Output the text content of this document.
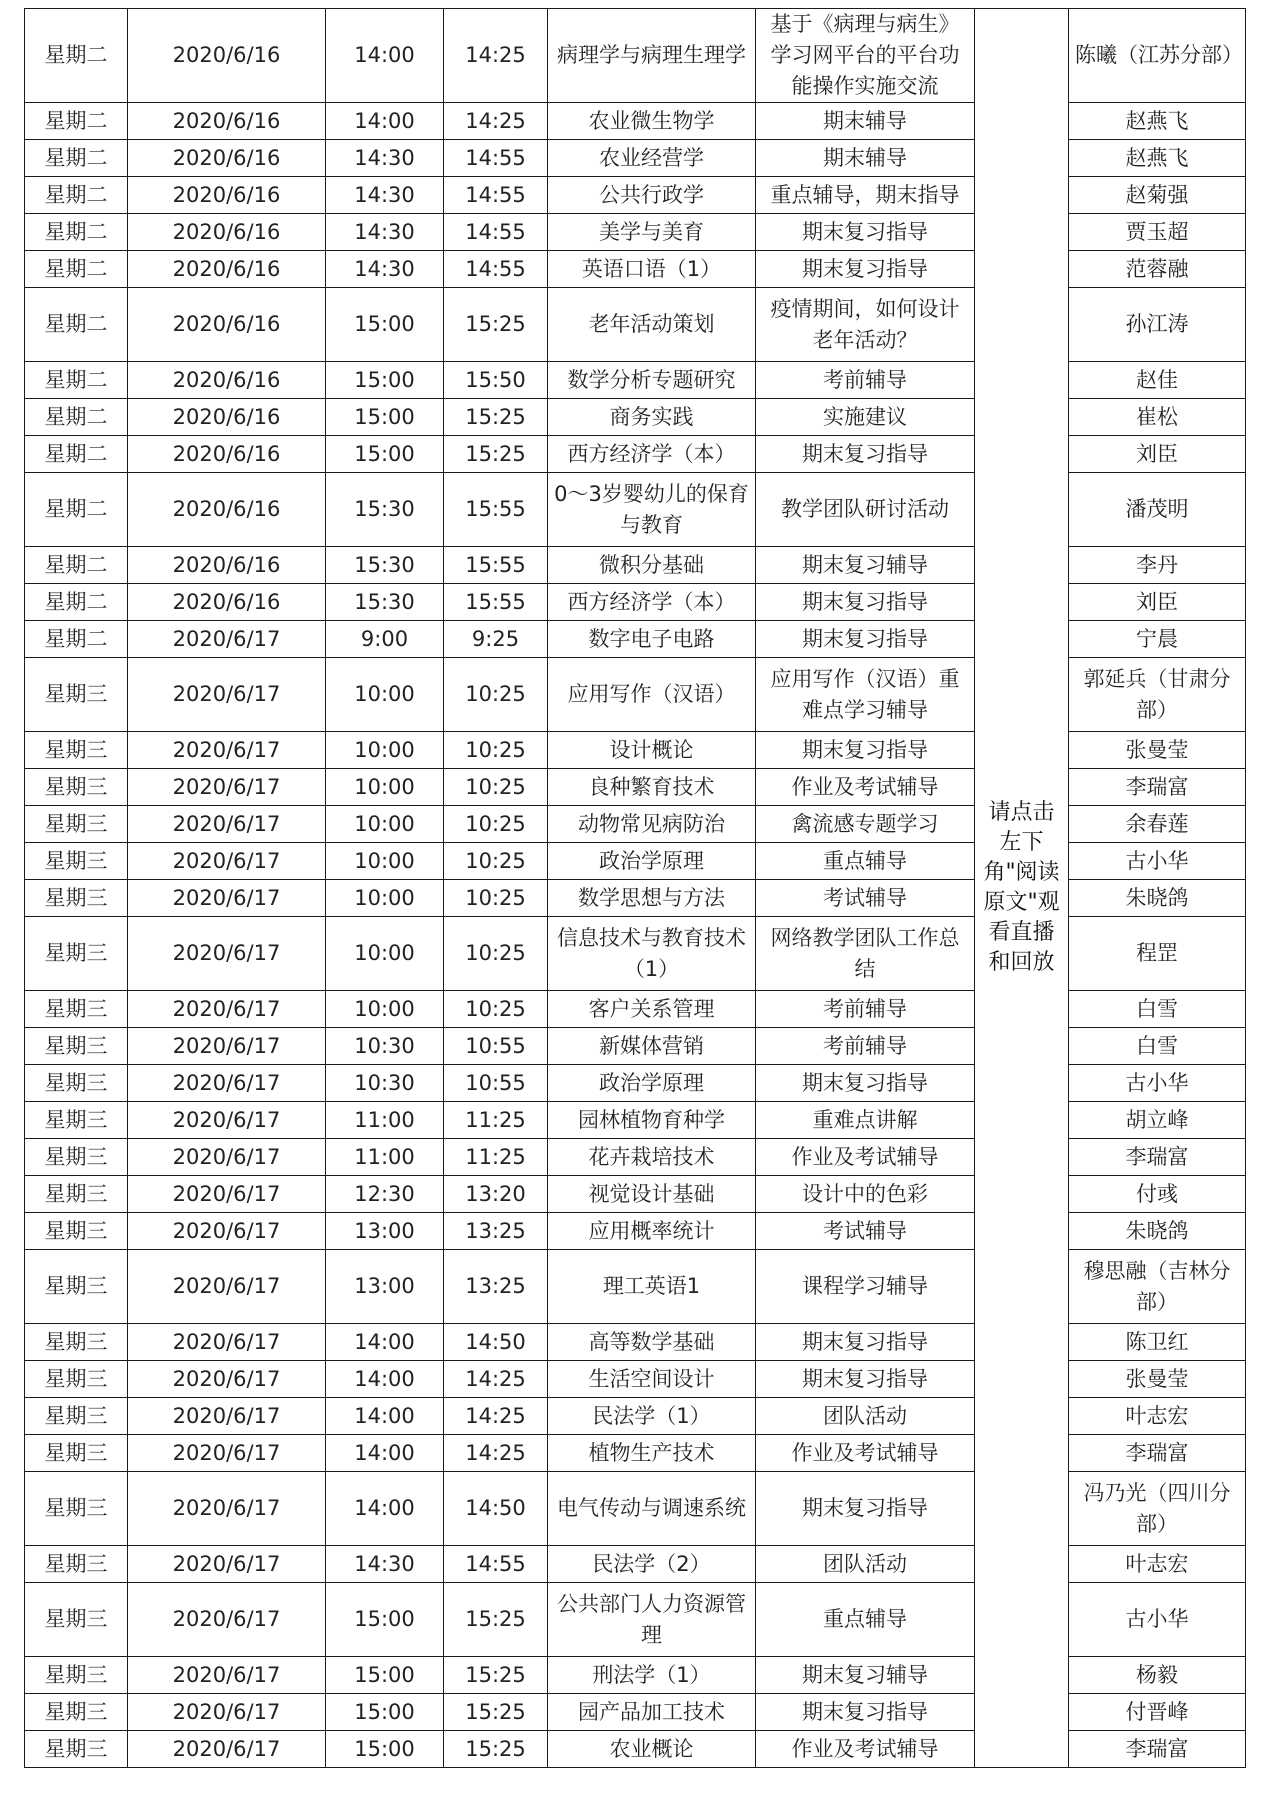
星期二	2020/6/16	14:00	14:25	病理学与病理生理学	基于《病理与病生》学习网平台的平台功能操作实施交流	请点击左下角"阅读原文"观看直播和回放	陈曦（江苏分部）
星期二	2020/6/16	14:00	14:25	农业微生物学	期末辅导		赵燕飞
星期二	2020/6/16	14:30	14:55	农业经营学	期末辅导		赵燕飞
星期二	2020/6/16	14:30	14:55	公共行政学	重点辅导，期末指导		赵菊强
星期二	2020/6/16	14:30	14:55	美学与美育	期末复习指导		贾玉超
星期二	2020/6/16	14:30	14:55	英语口语（1）	期末复习指导		范蓉融
星期二	2020/6/16	15:00	15:25	老年活动策划	疫情期间，如何设计老年活动？		孙江涛
星期二	2020/6/16	15:00	15:50	数学分析专题研究	考前辅导		赵佳
星期二	2020/6/16	15:00	15:25	商务实践	实施建议		崔松
星期二	2020/6/16	15:00	15:25	西方经济学（本）	期末复习指导		刘臣
星期二	2020/6/16	15:30	15:55	0～3岁婴幼儿的保育与教育	教学团队研讨活动		潘茂明
星期二	2020/6/16	15:30	15:55	微积分基础	期末复习辅导		李丹
星期二	2020/6/16	15:30	15:55	西方经济学（本）	期末复习指导		刘臣
星期二	2020/6/17	9:00	9:25	数字电子电路	期末复习指导		宁晨
星期三	2020/6/17	10:00	10:25	应用写作（汉语）	应用写作（汉语）重难点学习辅导		郭延兵（甘肃分部）
星期三	2020/6/17	10:00	10:25	设计概论	期末复习指导		张曼莹
星期三	2020/6/17	10:00	10:25	良种繁育技术	作业及考试辅导		李瑞富
星期三	2020/6/17	10:00	10:25	动物常见病防治	禽流感专题学习		余春莲
星期三	2020/6/17	10:00	10:25	政治学原理	重点辅导		古小华
星期三	2020/6/17	10:00	10:25	数学思想与方法	考试辅导		朱晓鸽
星期三	2020/6/17	10:00	10:25	信息技术与教育技术（1）	网络教学团队工作总结		程罡
星期三	2020/6/17	10:00	10:25	客户关系管理	考前辅导		白雪
星期三	2020/6/17	10:30	10:55	新媒体营销	考前辅导		白雪
星期三	2020/6/17	10:30	10:55	政治学原理	期末复习指导		古小华
星期三	2020/6/17	11:00	11:25	园林植物育种学	重难点讲解		胡立峰
星期三	2020/6/17	11:00	11:25	花卉栽培技术	作业及考试辅导		李瑞富
星期三	2020/6/17	12:30	13:20	视觉设计基础	设计中的色彩		付彧
星期三	2020/6/17	13:00	13:25	应用概率统计	考试辅导		朱晓鸽
星期三	2020/6/17	13:00	13:25	理工英语1	课程学习辅导		穆思融（吉林分部）
星期三	2020/6/17	14:00	14:50	高等数学基础	期末复习指导		陈卫红
星期三	2020/6/17	14:00	14:25	生活空间设计	期末复习指导		张曼莹
星期三	2020/6/17	14:00	14:25	民法学（1）	团队活动		叶志宏
星期三	2020/6/17	14:00	14:25	植物生产技术	作业及考试辅导		李瑞富
星期三	2020/6/17	14:00	14:50	电气传动与调速系统	期末复习指导		冯乃光（四川分部）
星期三	2020/6/17	14:30	14:55	民法学（2）	团队活动		叶志宏
星期三	2020/6/17	15:00	15:25	公共部门人力资源管理	重点辅导		古小华
星期三	2020/6/17	15:00	15:25	刑法学（1）	期末复习辅导		杨毅
星期三	2020/6/17	15:00	15:25	园产品加工技术	期末复习指导		付晋峰
星期三	2020/6/17	15:00	15:25	农业概论	作业及考试辅导		李瑞富
